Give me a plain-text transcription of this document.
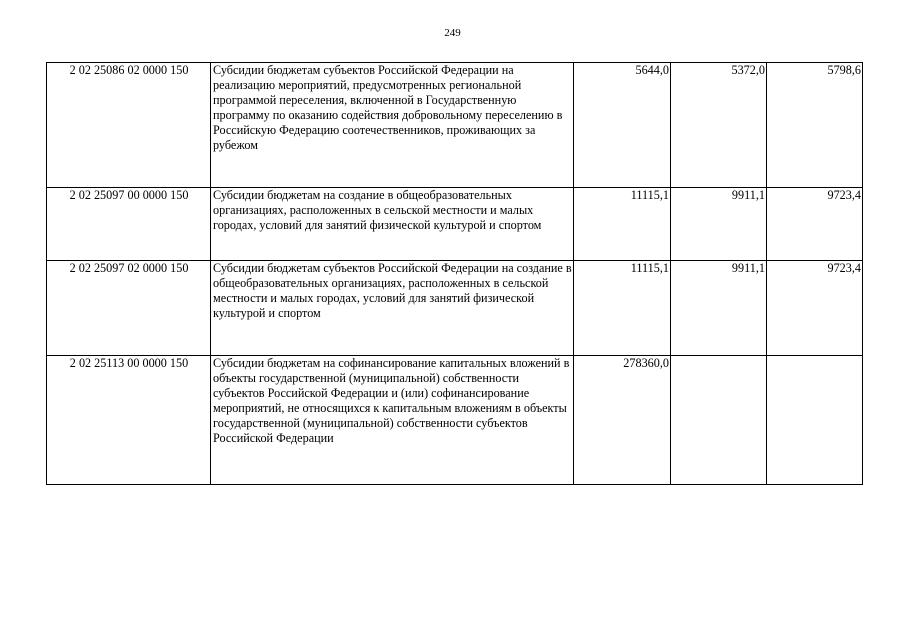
249
2 02 25086 02 0000 150	Субсидии бюджетам субъектов Российской Федерации на реализацию мероприятий, предусмотренных региональной программой переселения, включенной в Государственную программу по оказанию содействия добровольному переселению в Российскую Федерацию соотечественников, проживающих за рубежом	5644,0	5372,0	5798,6
2 02 25097 00 0000 150	Субсидии бюджетам на создание в общеобразовательных организациях, расположенных в сельской местности и малых городах, условий для занятий физической культурой и спортом	11115,1	9911,1	9723,4
2 02 25097 02 0000 150	Субсидии бюджетам субъектов Российской Федерации на создание в общеобразовательных организациях, расположенных в сельской местности и малых городах, условий для занятий физической культурой и спортом	11115,1	9911,1	9723,4
2 02 25113 00 0000 150	Субсидии бюджетам на софинансирование капитальных вложений в объекты государственной (муниципальной) собственности субъектов Российской Федерации и (или) софинансирование мероприятий, не относящихся к капитальным вложениям в объекты государственной (муниципальной) собственности субъектов Российской Федерации	278360,0		
